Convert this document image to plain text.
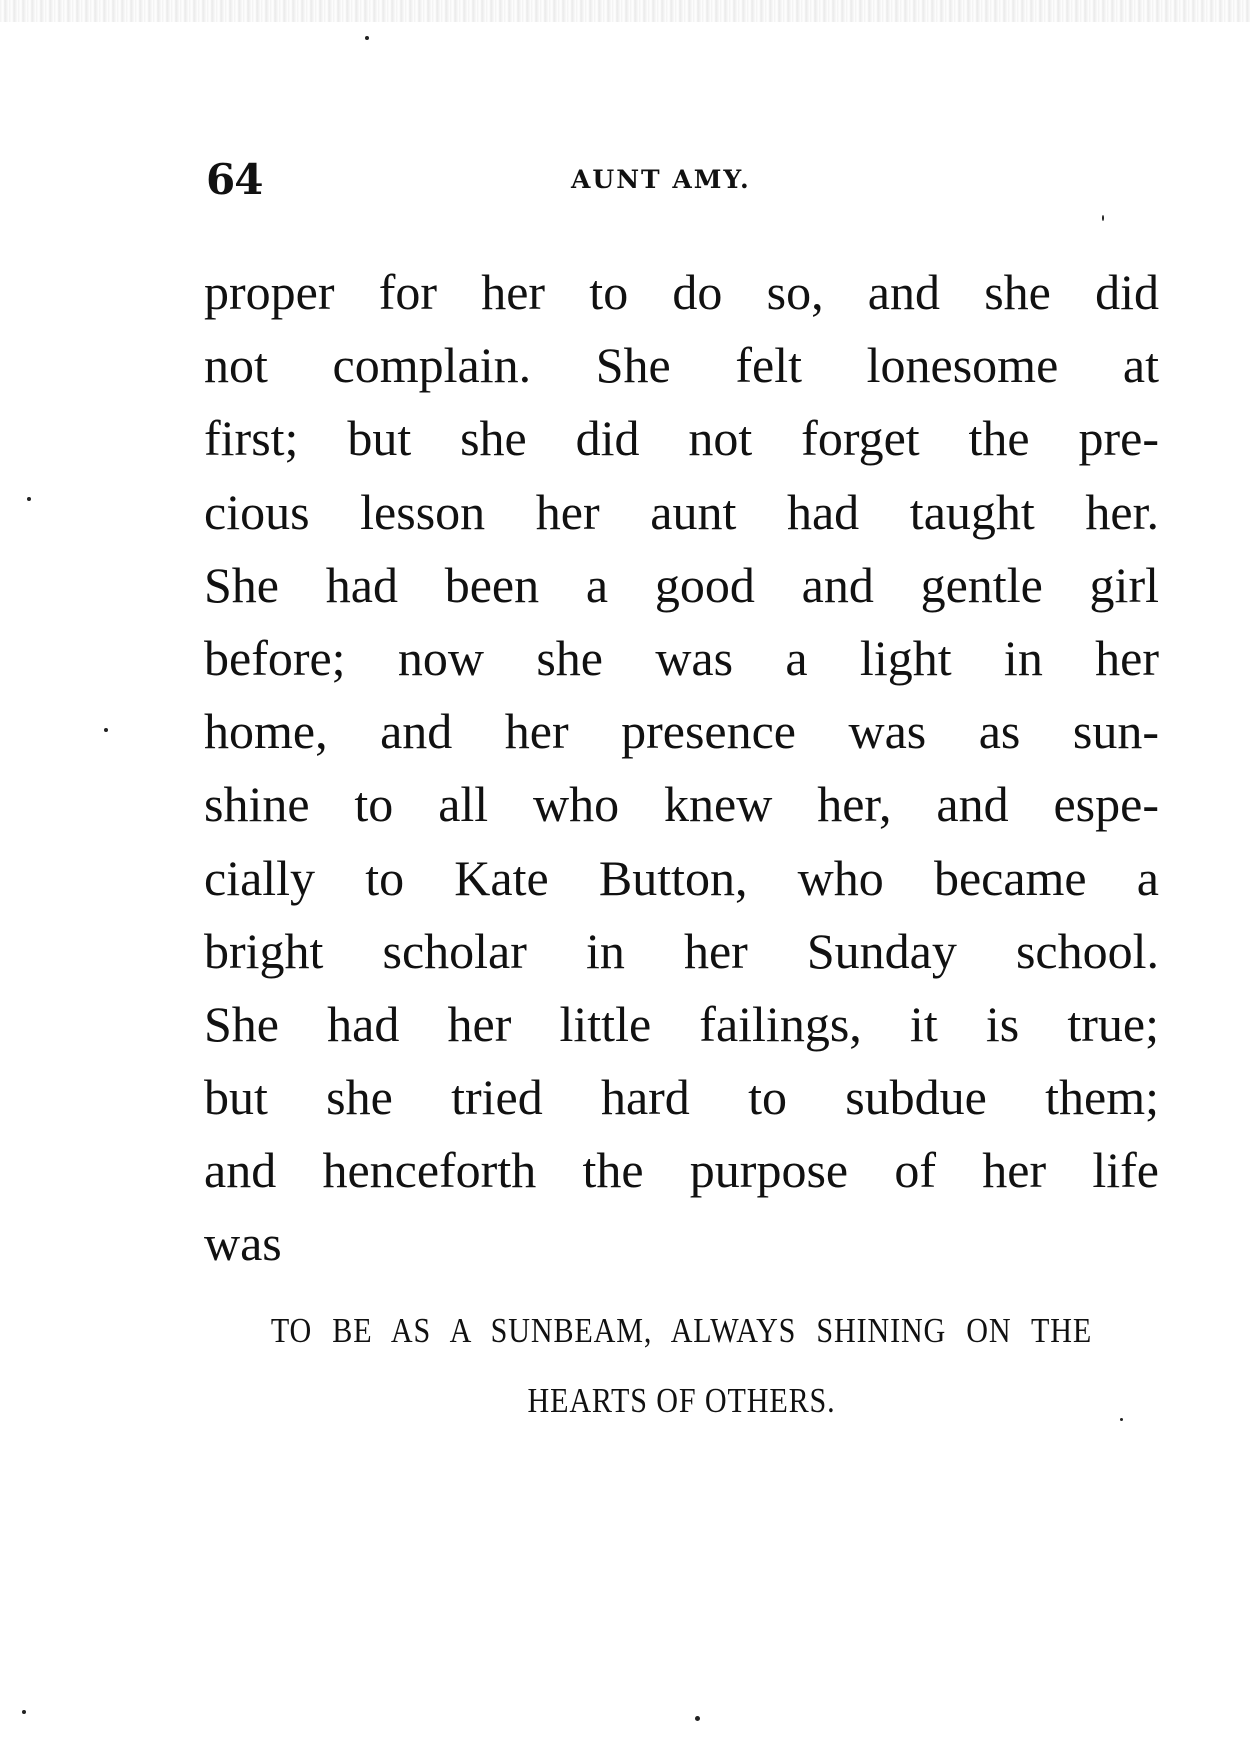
64	AUNT AMY.
proper for her to do so, and she did
not complain. She felt lonesome at
first; but she did not forget the pre-
cious lesson her aunt had taught her.
She had been a good and gentle girl
before; now she was a light in her
home, and her presence was as sun-
shine to all who knew her, and espe-
cially to Kate Button, who became a
bright scholar in her Sunday school.
She had her little failings, it is true;
but she tried hard to subdue them;
and henceforth the purpose of her life
was
TO BE AS A SUNBEAM, ALWAYS SHINING ON THE
HEARTS OF OTHERS.
